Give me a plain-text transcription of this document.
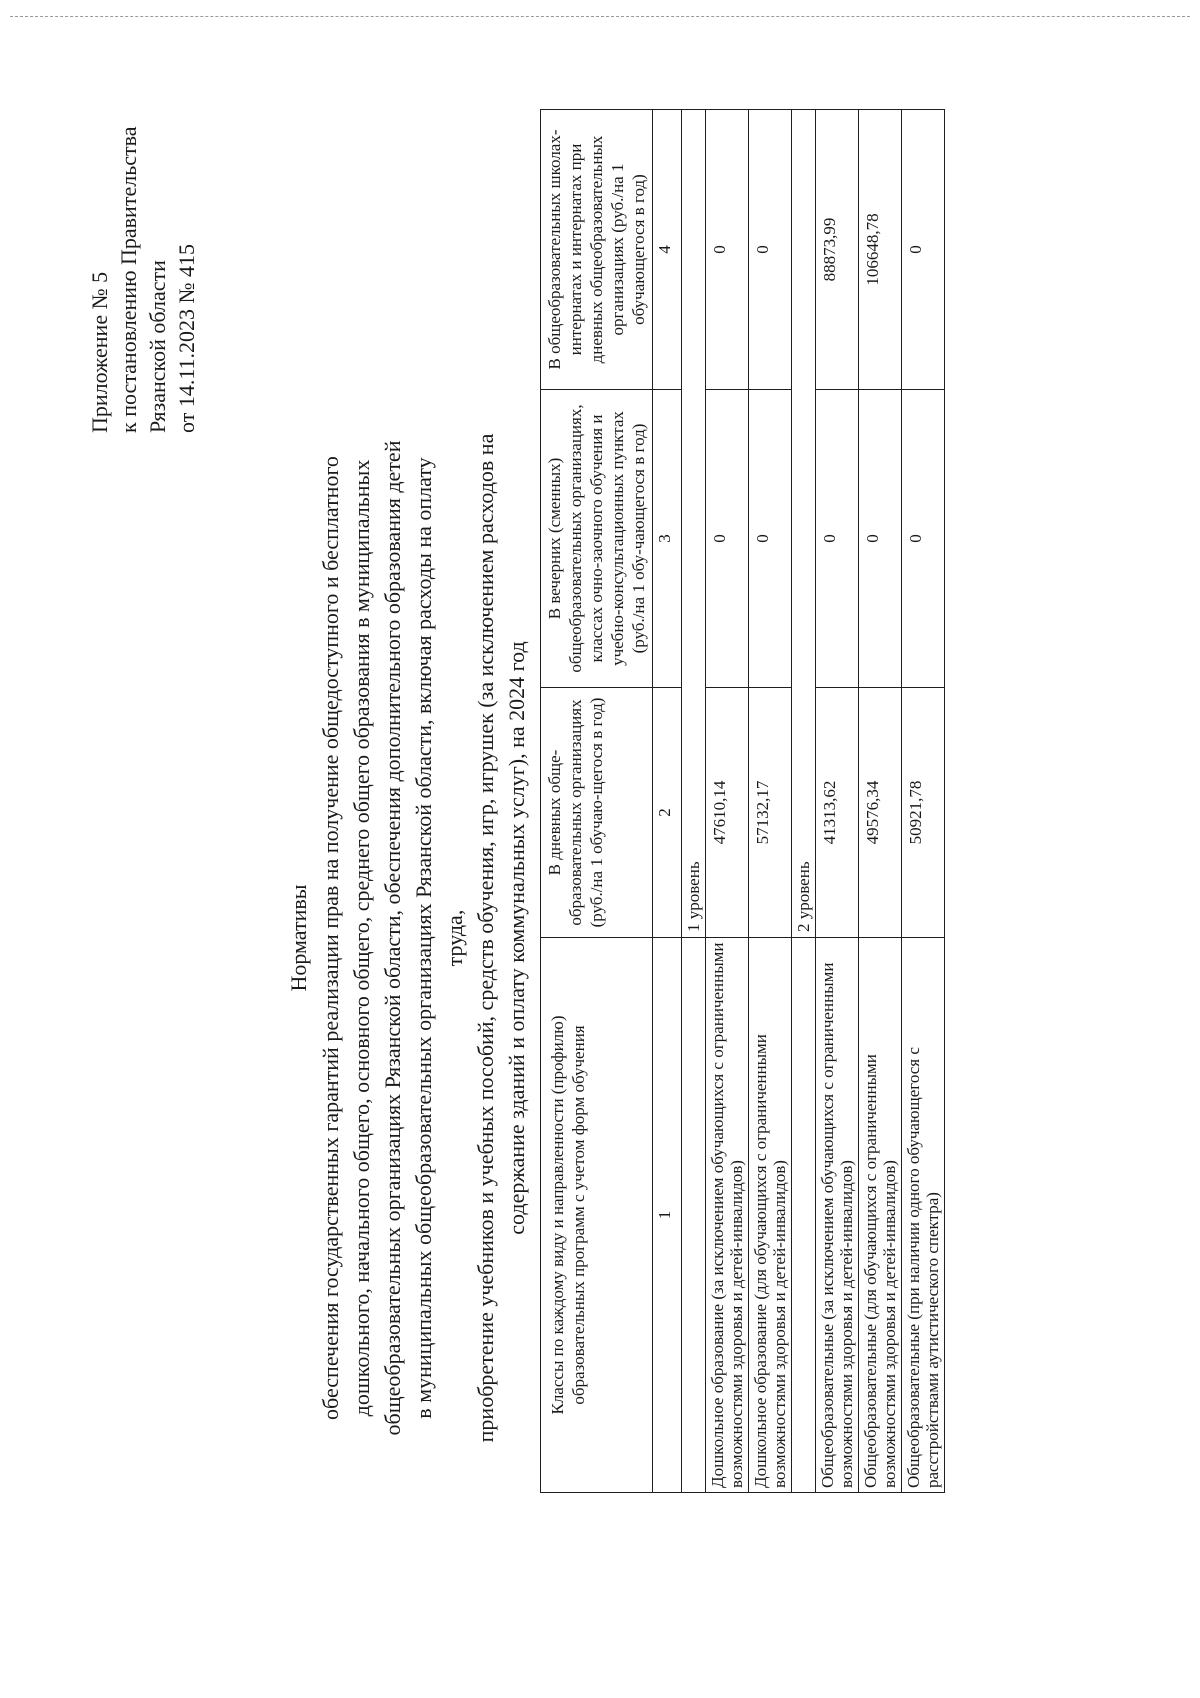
Приложение № 5 к постановлению Правительства Рязанской области от 14.11.2023 № 415
Нормативы обеспечения государственных гарантий реализации прав на получение общедоступного и бесплатного дошкольного, начального общего, основного общего, среднего общего образования в муниципальных общеобразовательных организациях Рязанской области, обеспечения дополнительного образования детей в муниципальных общеобразовательных организациях Рязанской области, включая расходы на оплату труда, приобретение учебников и учебных пособий, средств обучения, игр, игрушек (за исключением расходов на содержание зданий и оплату коммунальных услуг), на 2024 год Классы по каждому виду и направленности (профилю) образовательных программ с учетом форм обучения	В дневных обще-образовательных организациях (руб./на 1 обучаю-щегося в год)	В вечерних (сменных) общеобразовательных организациях, классах очно-заочного обучения и учебно-консультационных пунктах (руб./на 1 обу-чающегося в год)	В общеобразовательных школах-интернатах и интернатах при дневных общеобразовательных организациях (руб./на 1 обучающегося в год)
1	2	3	4
	1 уровень		
Дошкольное образование (за исключением обучающихся с ограниченными возможностями здоровья и детей-инвалидов)	47610,14	0	0
Дошкольное образование (для обучающихся с ограниченными возможностями здоровья и детей-инвалидов)	57132,17	0	0
	2 уровень		
Общеобразовательные (за исключением обучающихся с ограниченными возможностями здоровья и детей-инвалидов)	41313,62	0	88873,99
Общеобразовательные (для обучающихся с ограниченными возможностями здоровья и детей-инвалидов)	49576,34	0	106648,78
Общеобразовательные (при наличии одного обучающегося с расстройствами аутистического спектра)	50921,78	0	0
